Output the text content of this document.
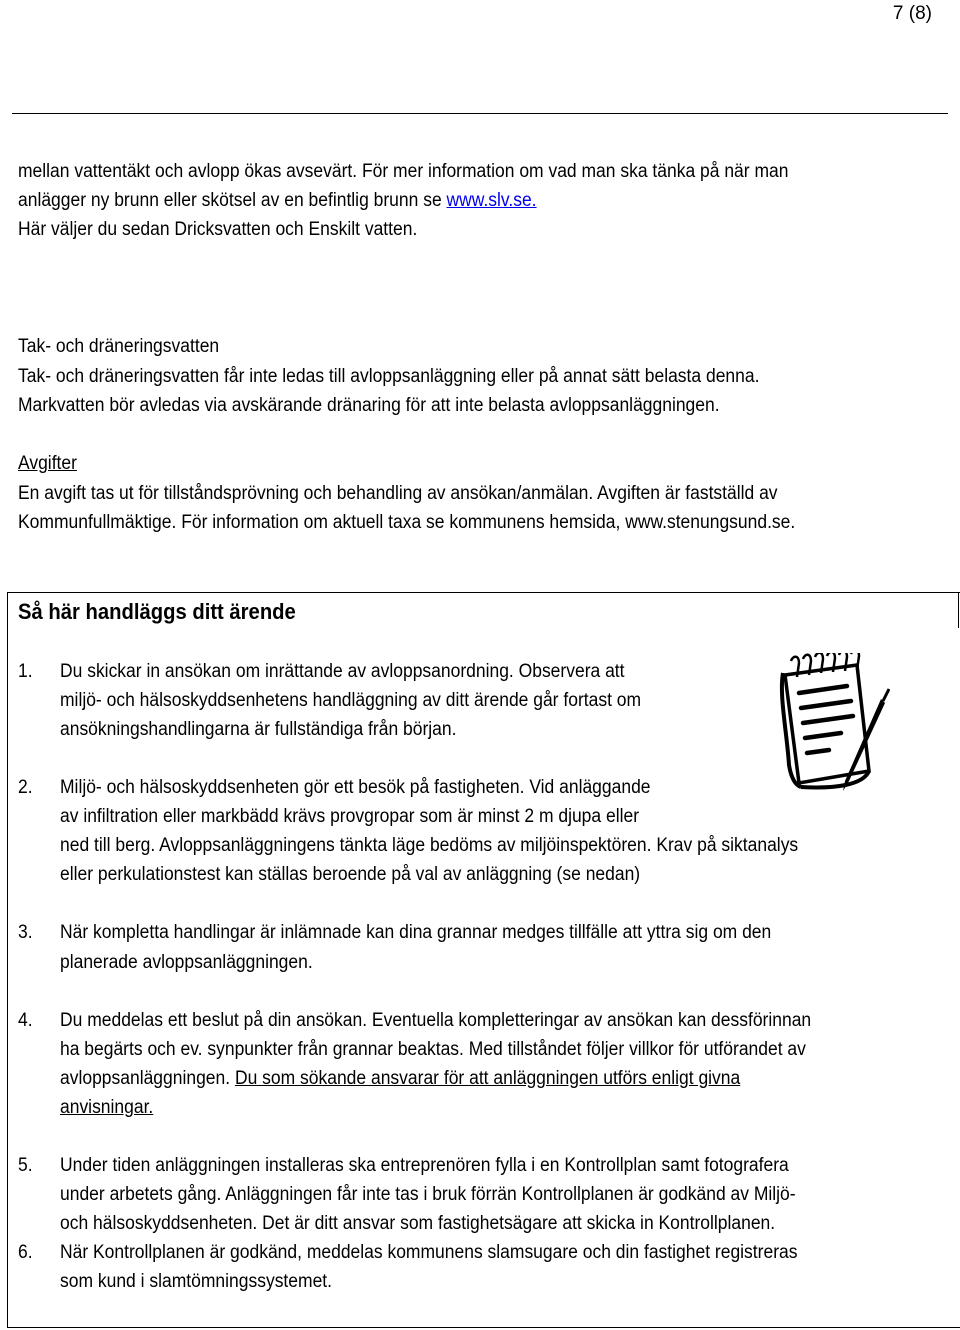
7 (8)
mellan vattentäkt och avlopp ökas avsevärt. För mer information om vad man ska tänka på när man
anlägger ny brunn eller skötsel av en befintlig brunn se www.slv.se.
Här väljer du sedan Dricksvatten och Enskilt vatten.
Tak- och dräneringsvatten
Tak- och dräneringsvatten får inte ledas till avloppsanläggning eller på annat sätt belasta denna.
Markvatten bör avledas via avskärande dränaring för att inte belasta avloppsanläggningen.
Avgifter
En avgift tas ut för tillståndsprövning och behandling av ansökan/anmälan. Avgiften är fastställd av
Kommunfullmäktige. För information om aktuell taxa se kommunens hemsida, www.stenungsund.se.
Så här handläggs ditt ärende
1. Du skickar in ansökan om inrättande av avloppsanordning. Observera att
miljö- och hälsoskyddsenhetens handläggning av ditt ärende går fortast om
ansökningshandlingarna är fullständiga från början.
2. Miljö- och hälsoskyddsenheten gör ett besök på fastigheten. Vid anläggande
av infiltration eller markbädd krävs provgropar som är minst 2 m djupa eller
ned till berg. Avloppsanläggningens tänkta läge bedöms av miljöinspektören. Krav på siktanalys
eller perkulationstest kan ställas beroende på val av anläggning (se nedan)
3. När kompletta handlingar är inlämnade kan dina grannar medges tillfälle att yttra sig om den
planerade avloppsanläggningen.
4. Du meddelas ett beslut på din ansökan. Eventuella kompletteringar av ansökan kan dessförinnan
ha begärts och ev. synpunkter från grannar beaktas. Med tillståndet följer villkor för utförandet av
avloppsanläggningen. Du som sökande ansvarar för att anläggningen utförs enligt givna
anvisningar.
5. Under tiden anläggningen installeras ska entreprenören fylla i en Kontrollplan samt fotografera
under arbetets gång. Anläggningen får inte tas i bruk förrän Kontrollplanen är godkänd av Miljö-
och hälsoskyddsenheten. Det är ditt ansvar som fastighetsägare att skicka in Kontrollplanen.
6. När Kontrollplanen är godkänd, meddelas kommunens slamsugare och din fastighet registreras
som kund i slamtömningssystemet.
